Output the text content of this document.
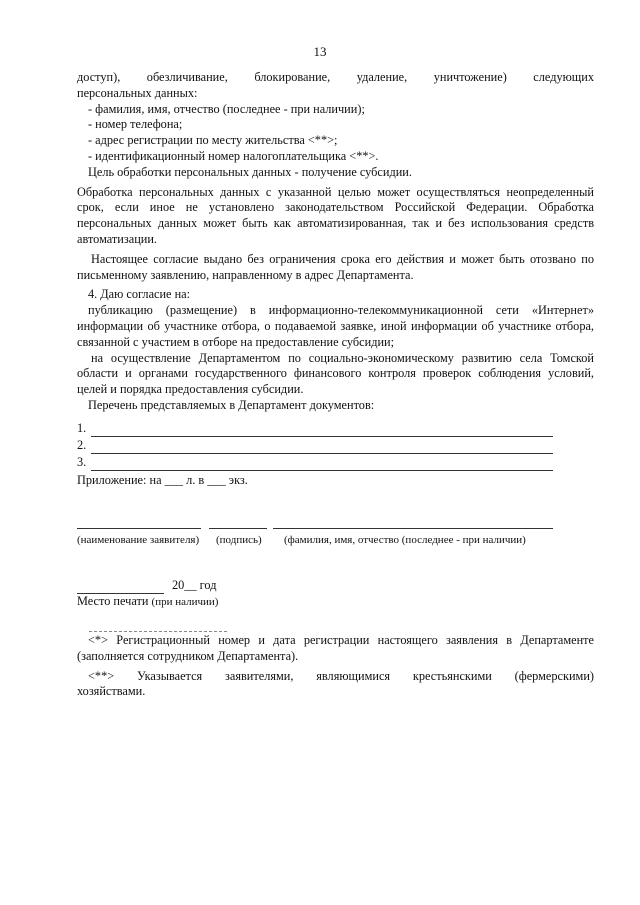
13

доступ), обезличивание, блокирование, удаление, уничтожение) следующих

персональных данных:

- фамилия, имя, отчество (последнее - при наличии);

- номер телефона;

- адрес регистрации по месту жительства <**>;

- идентификационный номер налогоплательщика <**>.

Цель обработки персональных данных - получение субсидии.

Обработка персональных данных с указанной целью может осуществляться неопределенный срок, если иное не установлено законодательством Российской Федерации. Обработка персональных данных может быть как автоматизированная, так и без использования средств автоматизации.

Настоящее согласие выдано без ограничения срока его действия и может быть отозвано по письменному заявлению, направленному в адрес Департамента.

4. Даю согласие на:

публикацию (размещение) в информационно-телекоммуникационной сети «Интернет» информации об участнике отбора, о подаваемой заявке, иной информации об участнике отбора, связанной с участием в отборе на предоставление субсидии;

на осуществление Департаментом по социально-экономическому развитию села Томской области и органами государственного финансового контроля проверок соблюдения условий, целей и порядка предоставления субсидии.

Перечень представляемых в Департамент документов:

1.
2.
3.

Приложение: на ___ л. в ___ экз.

(наименование заявителя)	(подпись)	(фамилия, имя, отчество (последнее - при наличии)
20__ год

Место печати (при наличии)

<*> Регистрационный номер и дата регистрации настоящего заявления в Департаменте (заполняется сотрудником Департамента).

<**> Указывается заявителями, являющимися крестьянскими (фермерскими) хозяйствами.
